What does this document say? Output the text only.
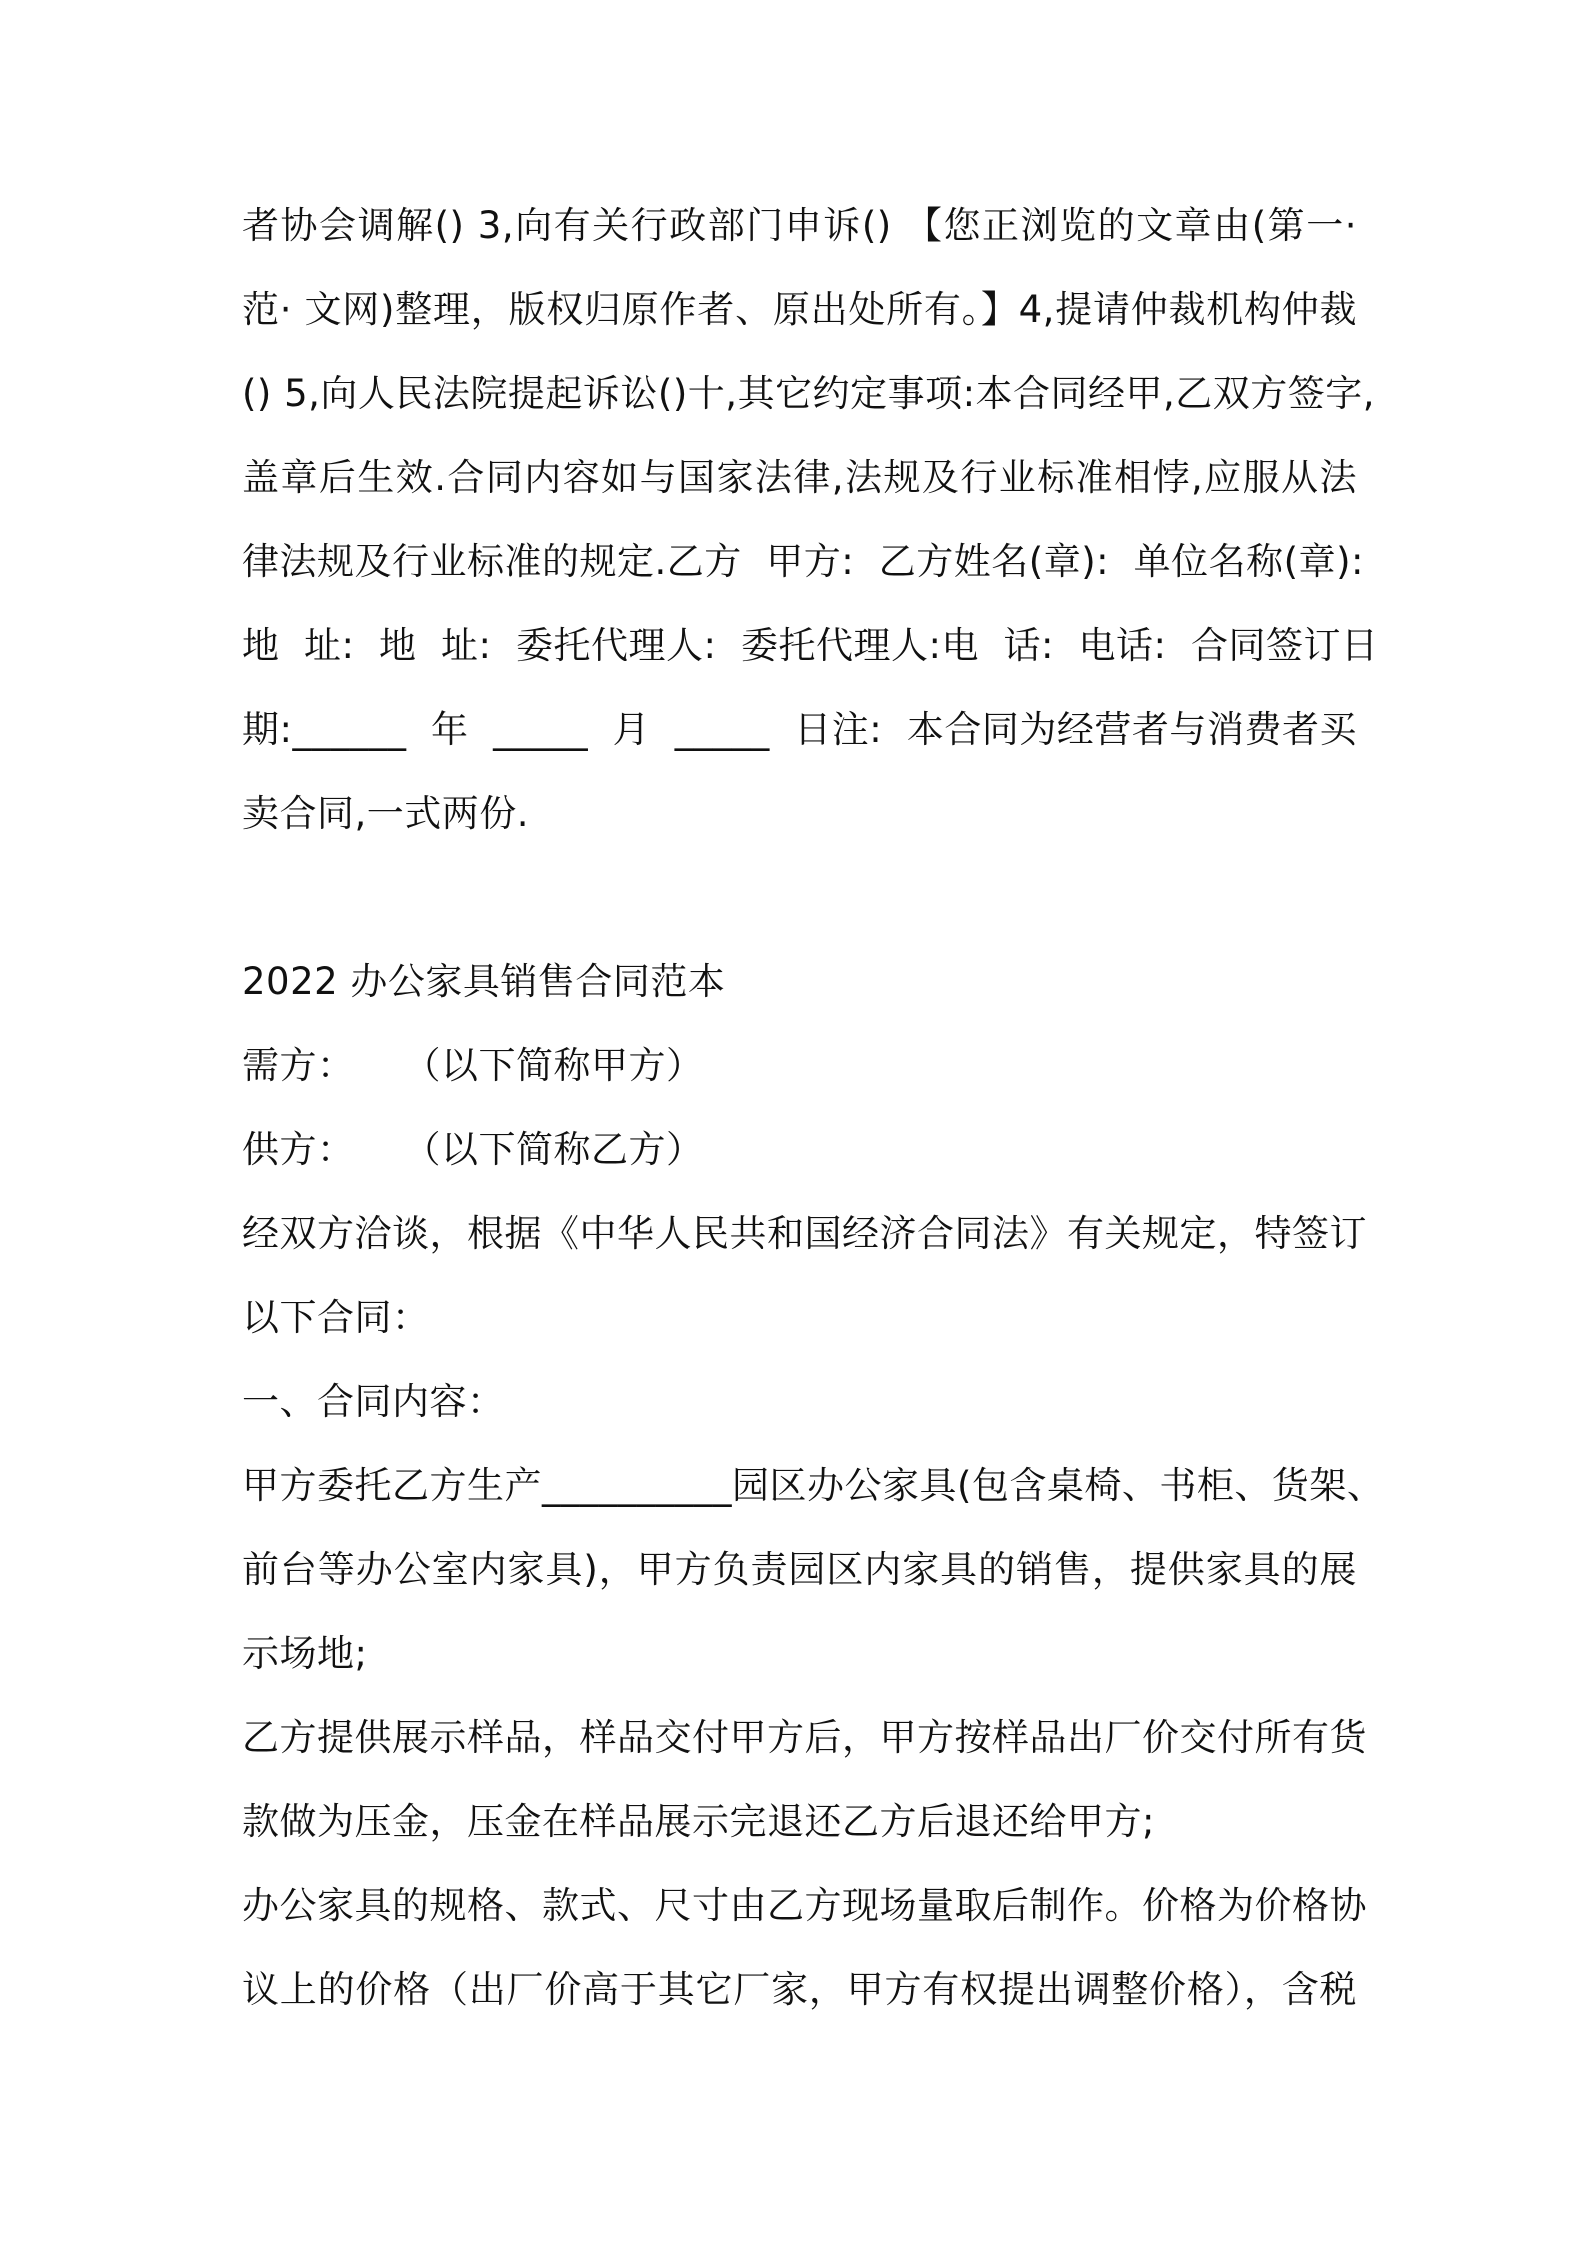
者协会调解() 3,向有关行政部门申诉() 【您正浏览的文章由(第一·
范· 文网)整理，版权归原作者、原出处所有。】4,提请仲裁机构仲裁
() 5,向人民法院提起诉讼()十,其它约定事项:本合同经甲,乙双方签字,
盖章后生效.合同内容如与国家法律,法规及行业标准相悖,应服从法
律法规及行业标准的规定.乙方  甲方:  乙方姓名(章):  单位名称(章):
地  址:  地  址:  委托代理人:  委托代理人:电  话:  电话:  合同签订日
期:______  年  _____  月  _____  日注:  本合同为经营者与消费者买
卖合同,一式两份.
2022 办公家具销售合同范本
需方：    （以下简称甲方）
供方：    （以下简称乙方）
经双方洽谈，根据《中华人民共和国经济合同法》有关规定，特签订
以下合同：
一、合同内容：
甲方委托乙方生产__________园区办公家具(包含桌椅、书柜、货架、
前台等办公室内家具)，甲方负责园区内家具的销售，提供家具的展
示场地;
乙方提供展示样品，样品交付甲方后，甲方按样品出厂价交付所有货
款做为压金，压金在样品展示完退还乙方后退还给甲方;
办公家具的规格、款式、尺寸由乙方现场量取后制作。价格为价格协
议上的价格（出厂价高于其它厂家，甲方有权提出调整价格），含税
